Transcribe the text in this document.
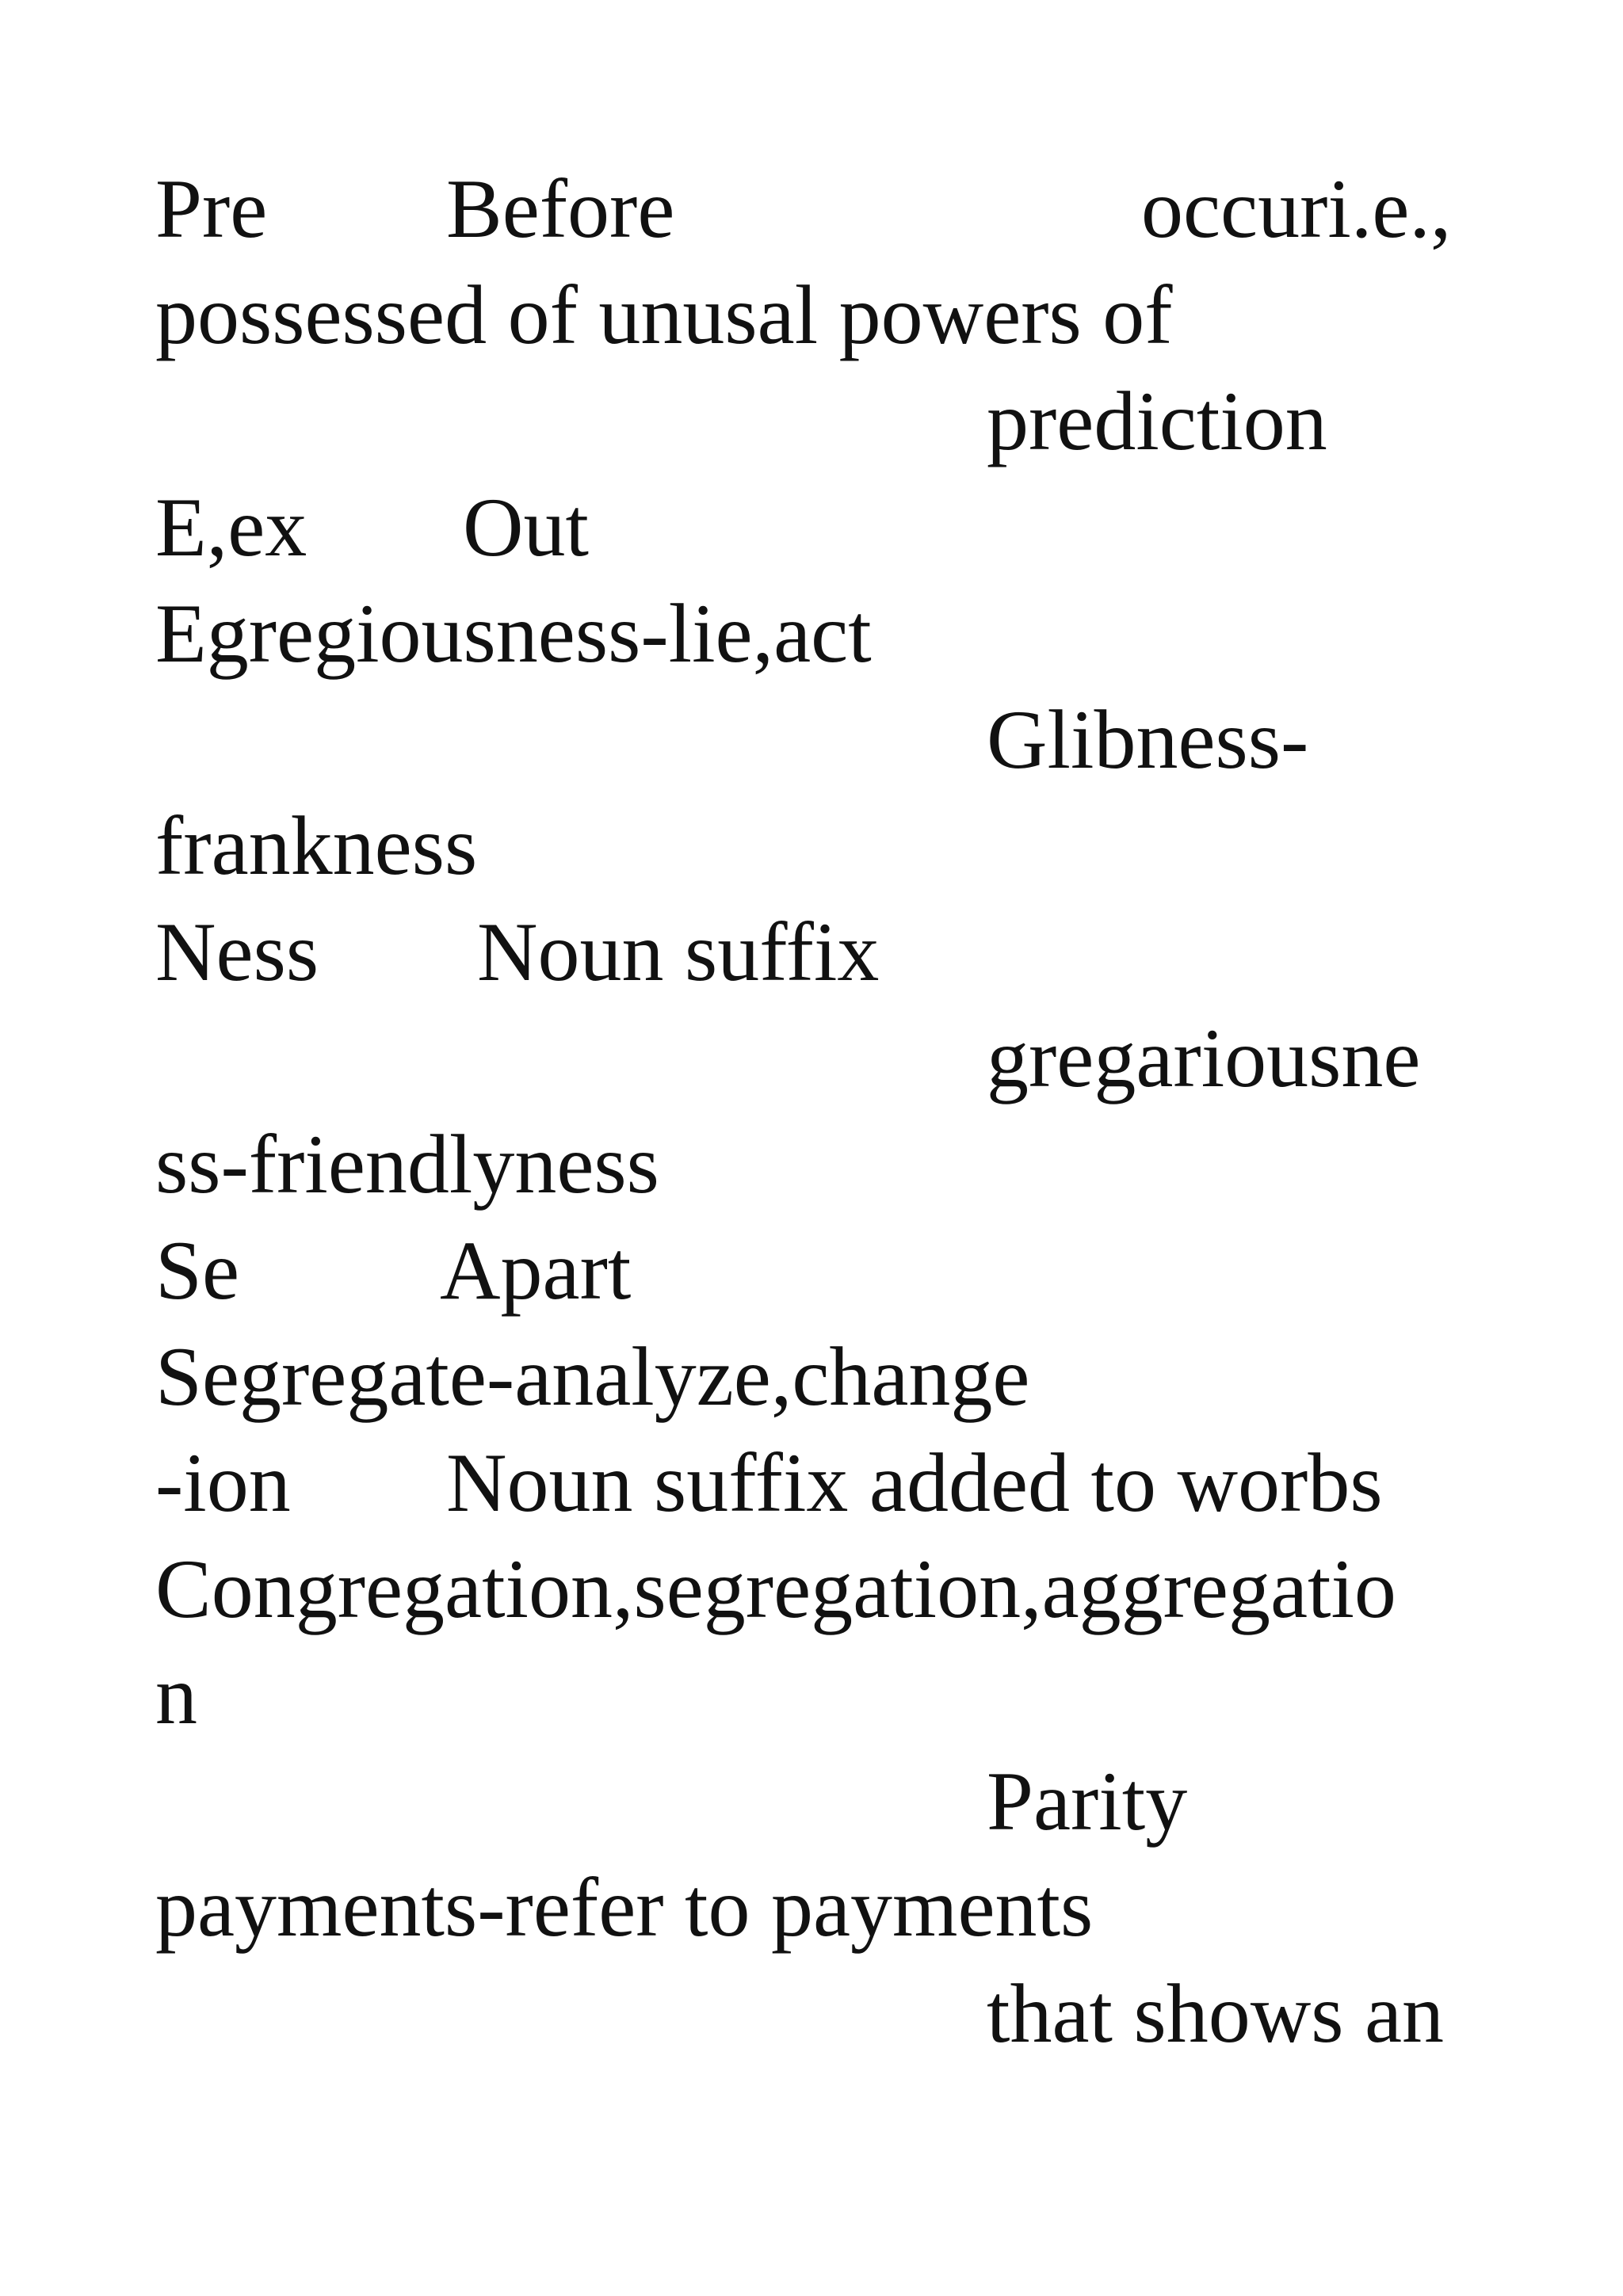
Pre Before	occuri.e.,
possessed of unusal powers of
prediction
E,ex Out
Egregiousness-lie,act
Glibness-
frankness
Ness Noun suffix
gregariousne
ss-friendlyness
Se Apart
Segregate-analyze,change
-ion Noun suffix added to worbs
Congregation,segregation,aggregatio
n
Parity
payments-refer to payments
that shows an
